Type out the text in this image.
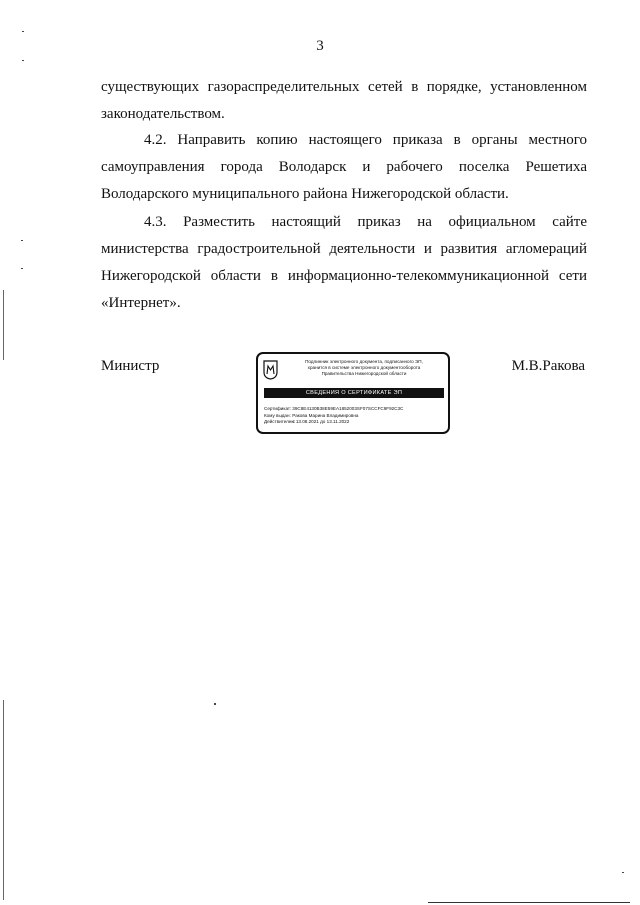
3

существующих газораспределительных сетей в порядке, установленном законодательством.

4.2. Направить копию настоящего приказа в органы местного самоуправления города Володарск и рабочего поселка Решетиха Володарского муниципального района Нижегородской области.

4.3. Разместить настоящий приказ на официальном сайте министерства градостроительной деятельности и развития агломераций Нижегородской области в информационно-телекоммуникационной сети «Интернет».

Министр	М.В.Ракова
Подлинник электронного документа, подписанного ЭП,
хранится в системе электронного документооборота
Правительства Нижегородской области
СВЕДЕНИЯ О СЕРТИФИКАТЕ ЭП
Сертификат: 39C8E4130B38E59EA1852003SF07SCCFC9F92C3C
Кому выдан: Ракова Марина Владимировна
Действителен: с 13.08.2021 до 13.11.2022
